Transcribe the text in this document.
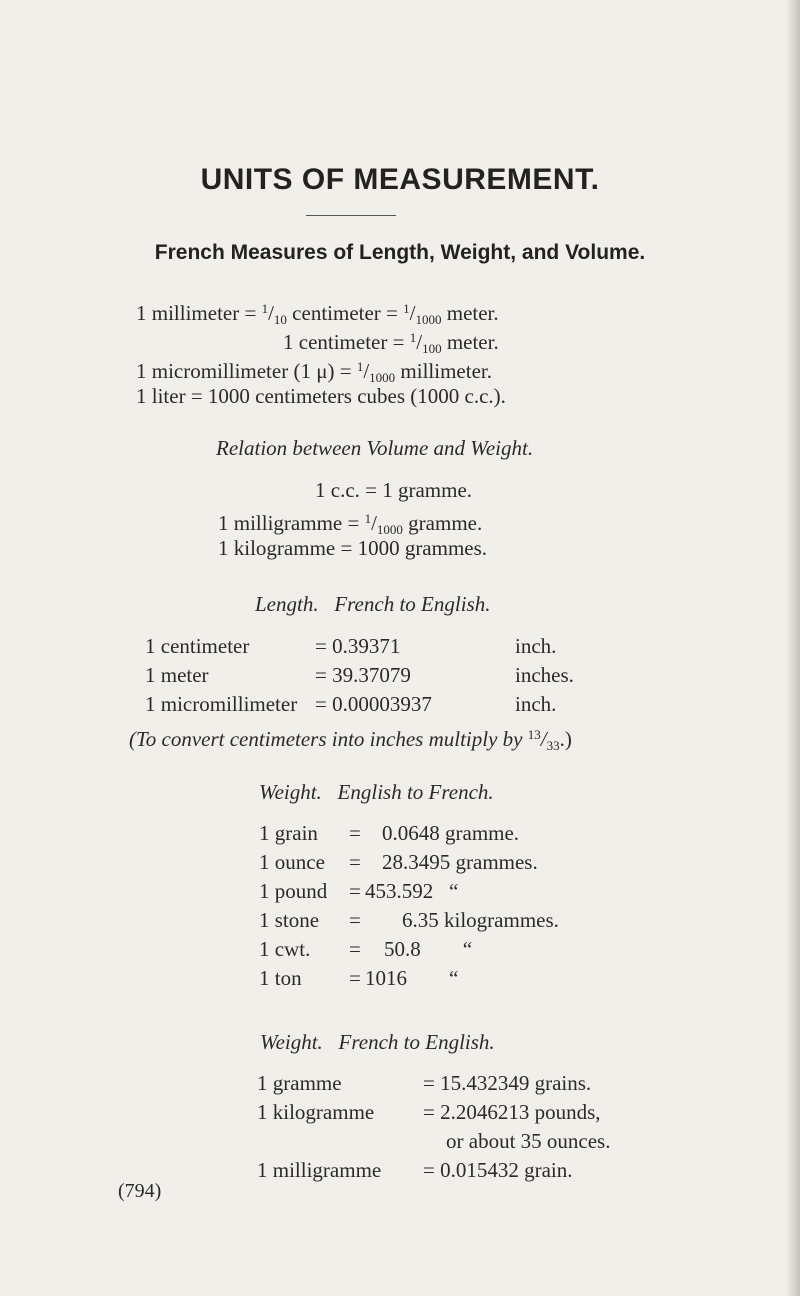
UNITS OF MEASUREMENT.
French Measures of Length, Weight, and Volume.
1 millimeter = $^1$/10 centimeter = $^1$/1000 meter.
1 centimeter = $^1$/100 meter.
1 micromillimeter (1 μ) = $^1$/1000 millimeter.
1 liter = 1000 centimeters cubes (1000 c.c.).
Relation between Volume and Weight.
1 c.c. = 1 gramme.
1 milligramme = $^1$/1000 gramme.
1 kilogramme = 1000 grammes.
Length.   French to English.
1 centimeter	= 0.39371	inch.
1 meter	= 39.37079	inches.
1 micromillimeter = 0.00003937	inch.
(To convert centimeters into inches multiply by $^{13}$/33.)
Weight.   English to French.
1 grain = 0.0648 gramme.
1 ounce = 28.3495 grammes.
1 pound = 453.592   “
1 stone = 6.35 kilogrammes.
1 cwt. = 50.8        “
1 ton = 1016        “
Weight.   French to English.
1 gramme	= 15.432349 grains.
1 kilogramme = 2.2046213 pounds,
or about 35 ounces.
1 milligramme = 0.015432 grain.
(794)
